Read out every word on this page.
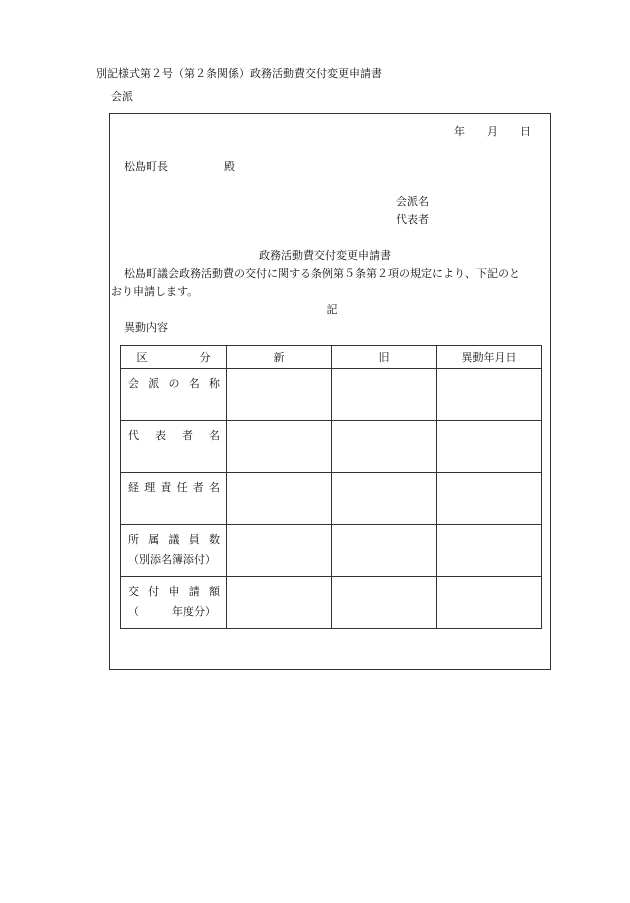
別記様式第２号（第２条関係）政務活動費交付変更申請書
会派
年 月 日
松島町長	殿
会派名
代表者
政務活動費交付変更申請書
松島町議会政務活動費の交付に関する条例第５条第２項の規定により、下記のと
おり申請します。
記
異動内容
区分	新	旧	異動年月日

会派の名称			

代表者名			

経理責任者名			

所属議員数
（別添名簿添付）			

交付申請額
（　　　年度分）			
